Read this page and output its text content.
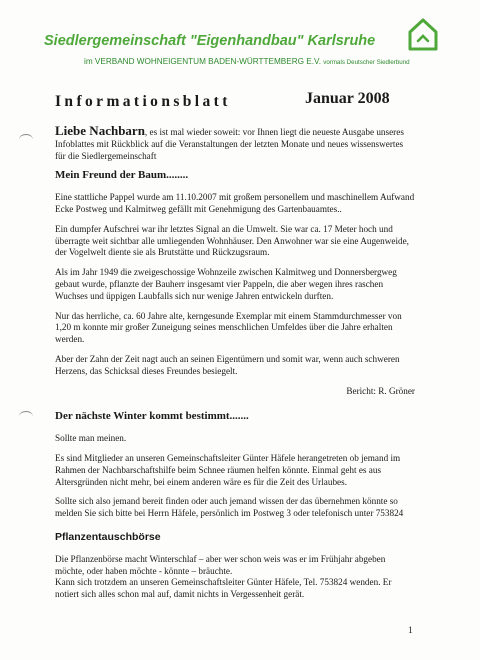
Siedlergemeinschaft "Eigenhandbau" Karlsruhe
im VERBAND WOHNEIGENTUM BADEN-WÜRTTEMBERG E.V. vormals Deutscher Siedlerbund
Informationsblatt	Januar 2008

Liebe Nachbarn, es ist mal wieder soweit: vor Ihnen liegt die neueste Ausgabe unseres Infoblattes mit Rückblick auf die Veranstaltungen der letzten Monate und neues wissenswertes für die Siedlergemeinschaft

Mein Freund der Baum........

Eine stattliche Pappel wurde am 11.10.2007 mit großem personellem und maschinellem Aufwand Ecke Postweg und Kalmitweg gefällt mit Genehmigung des Gartenbauamtes..

Ein dumpfer Aufschrei war ihr letztes Signal an die Umwelt. Sie war ca. 17 Meter hoch und überragte weit sichtbar alle umliegenden Wohnhäuser. Den Anwohner war sie eine Augenweide, der Vogelwelt diente sie als Brutstätte und Rückzugsraum.

Als im Jahr 1949 die zweigeschossige Wohnzeile zwischen Kalmitweg und Donnersbergweg gebaut wurde, pflanzte der Bauherr insgesamt vier Pappeln, die aber wegen ihres raschen Wuchses und üppigen Laubfalls sich nur wenige Jahren entwickeln durften.

Nur das herrliche, ca. 60 Jahre alte, kerngesunde Exemplar mit einem Stammdurchmesser von 1,20 m konnte mir großer Zuneigung seines menschlichen Umfeldes über die Jahre erhalten werden.

Aber der Zahn der Zeit nagt auch an seinen Eigentümern und somit war, wenn auch schweren Herzens, das Schicksal dieses Freundes besiegelt.

Bericht: R. Gröner

Der nächste Winter kommt bestimmt.......

Sollte man meinen.

Es sind Mitglieder an unseren Gemeinschaftsleiter Günter Häfele herangetreten ob jemand im Rahmen der Nachbarschaftshilfe beim Schnee räumen helfen könnte. Einmal geht es aus Altersgründen nicht mehr, bei einem anderen wäre es für die Zeit des Urlaubes.

Sollte sich also jemand bereit finden oder auch jemand wissen der das übernehmen könnte so melden Sie sich bitte bei Herrn Häfele, persönlich im Postweg 3 oder telefonisch unter 753824

Pflanzentauschbörse

Die Pflanzenbörse macht Winterschlaf – aber wer schon weis was er im Frühjahr abgeben möchte, oder haben möchte - könnte – bräuchte.

Kann sich trotzdem an unseren Gemeinschaftsleiter Günter Häfele, Tel. 753824 wenden. Er notiert sich alles schon mal auf, damit nichts in Vergessenheit gerät.

1
